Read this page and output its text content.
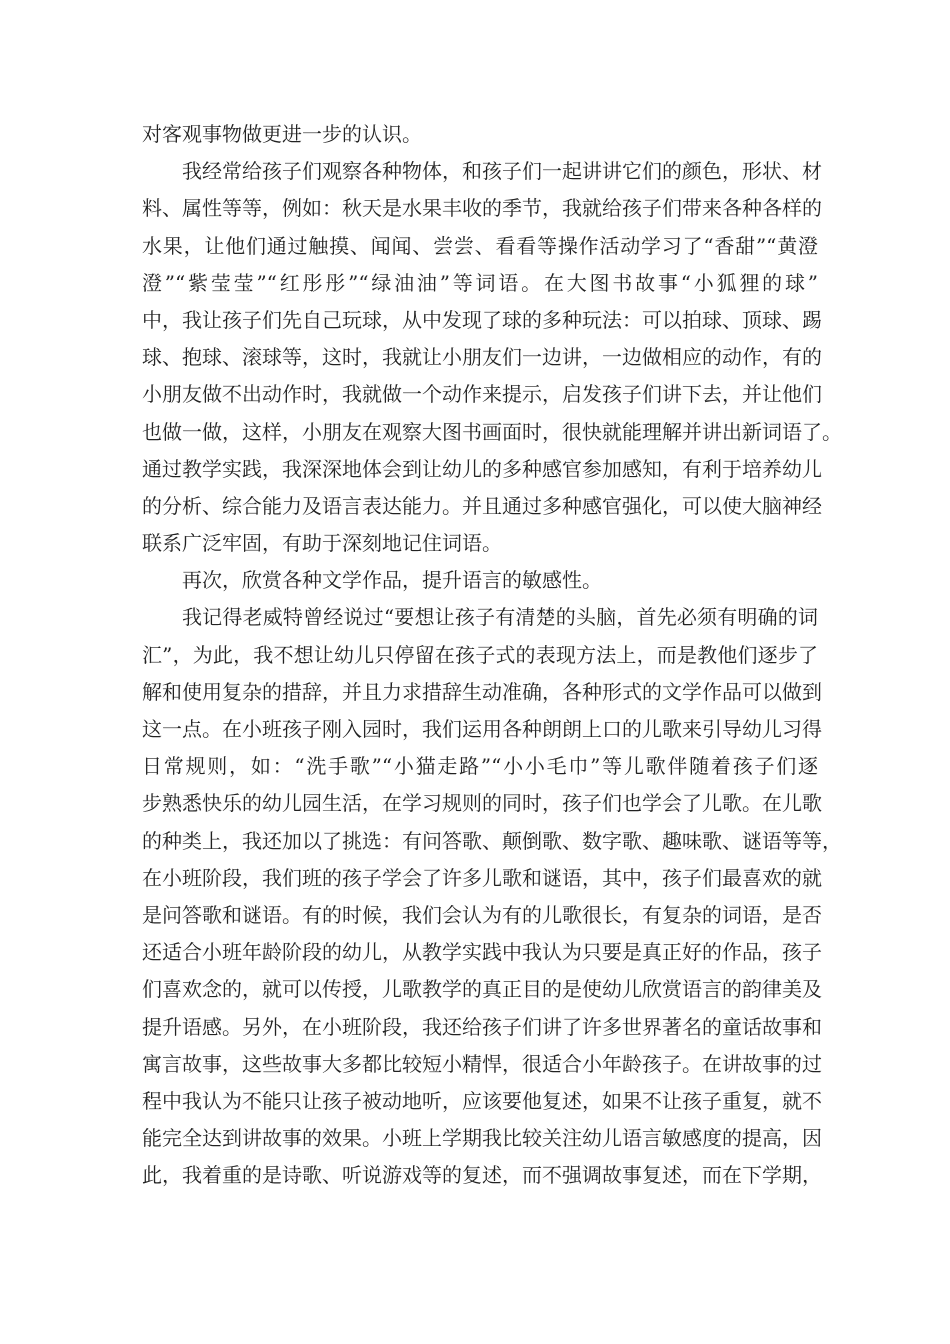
对客观事物做更进一步的认识。
我经常给孩子们观察各种物体，和孩子们一起讲讲它们的颜色，形状、材
料、属性等等，例如：秋天是水果丰收的季节，我就给孩子们带来各种各样的
水果，让他们通过触摸、闻闻、尝尝、看看等操作活动学习了“香甜”“黄澄
澄”“紫莹莹”“红彤彤”“绿油油”等词语。在大图书故事“小狐狸的球”
中，我让孩子们先自己玩球，从中发现了球的多种玩法：可以拍球、顶球、踢
球、抱球、滚球等，这时，我就让小朋友们一边讲，一边做相应的动作，有的
小朋友做不出动作时，我就做一个动作来提示，启发孩子们讲下去，并让他们
也做一做，这样，小朋友在观察大图书画面时，很快就能理解并讲出新词语了。
通过教学实践，我深深地体会到让幼儿的多种感官参加感知，有利于培养幼儿
的分析、综合能力及语言表达能力。并且通过多种感官强化，可以使大脑神经
联系广泛牢固，有助于深刻地记住词语。
再次，欣赏各种文学作品，提升语言的敏感性。
我记得老威特曾经说过“要想让孩子有清楚的头脑，首先必须有明确的词
汇”，为此，我不想让幼儿只停留在孩子式的表现方法上，而是教他们逐步了
解和使用复杂的措辞，并且力求措辞生动准确，各种形式的文学作品可以做到
这一点。在小班孩子刚入园时，我们运用各种朗朗上口的儿歌来引导幼儿习得
日常规则，如：“洗手歌”“小猫走路”“小小毛巾”等儿歌伴随着孩子们逐
步熟悉快乐的幼儿园生活，在学习规则的同时，孩子们也学会了儿歌。在儿歌
的种类上，我还加以了挑选：有问答歌、颠倒歌、数字歌、趣味歌、谜语等等，
在小班阶段，我们班的孩子学会了许多儿歌和谜语，其中，孩子们最喜欢的就
是问答歌和谜语。有的时候，我们会认为有的儿歌很长，有复杂的词语，是否
还适合小班年龄阶段的幼儿，从教学实践中我认为只要是真正好的作品，孩子
们喜欢念的，就可以传授，儿歌教学的真正目的是使幼儿欣赏语言的韵律美及
提升语感。另外，在小班阶段，我还给孩子们讲了许多世界著名的童话故事和
寓言故事，这些故事大多都比较短小精悍，很适合小年龄孩子。在讲故事的过
程中我认为不能只让孩子被动地听，应该要他复述，如果不让孩子重复，就不
能完全达到讲故事的效果。小班上学期我比较关注幼儿语言敏感度的提高，因
此，我着重的是诗歌、听说游戏等的复述，而不强调故事复述，而在下学期，
